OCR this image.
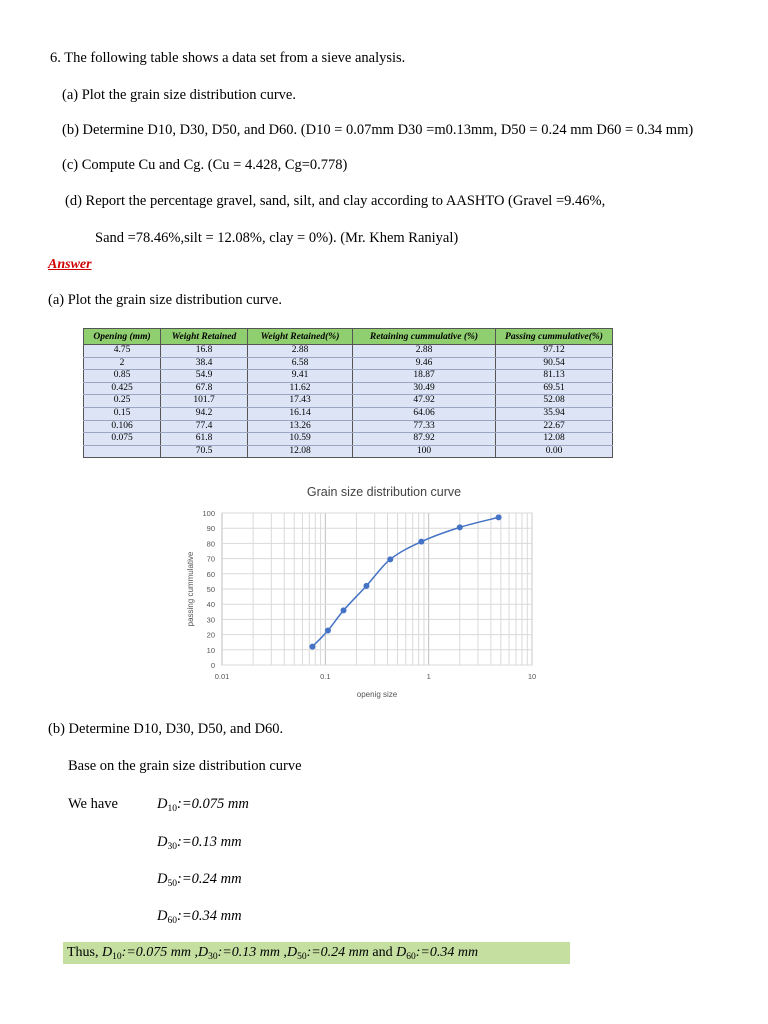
6. The following table shows a data set from a sieve analysis.
(a) Plot the grain size distribution curve.
(b) Determine D10, D30, D50, and D60. (D10 = 0.07mm D30 =m0.13mm, D50 = 0.24 mm D60 = 0.34 mm)
(c) Compute Cu and Cg. (Cu = 4.428, Cg=0.778)
(d) Report the percentage gravel, sand, silt, and clay according to AASHTO (Gravel =9.46%,
Sand =78.46%,silt = 12.08%, clay = 0%). (Mr. Khem Raniyal)
Answer
(a) Plot the grain size distribution curve.
Opening (mm)	Weight Retained	Weight Retained(%)	Retaining cummulative (%)	Passing cummulative(%)
4.75	16.8	2.88	2.88	97.12
2	38.4	6.58	9.46	90.54
0.85	54.9	9.41	18.87	81.13
0.425	67.8	11.62	30.49	69.51
0.25	101.7	17.43	47.92	52.08
0.15	94.2	16.14	64.06	35.94
0.106	77.4	13.26	77.33	22.67
0.075	61.8	10.59	87.92	12.08
	70.5	12.08	100	0.00
Grain size distribution curve
0
10
20
30
40
50
60
70
80
90
100
0.01	0.1	1	10
openig size
passing cummulative
(b) Determine D10, D30, D50, and D60.
Base on the grain size distribution curve
We have	$D_{10}:=0.075$ mm
$D_{30}:=0.13$ mm
$D_{50}:=0.24$ mm
$D_{60}:=0.34$ mm
Thus, $D_{10}:=0.075$ mm $,D_{30}:=0.13$ mm $,D_{50}:=0.24$ mm and $D_{60}:=0.34$ mm
